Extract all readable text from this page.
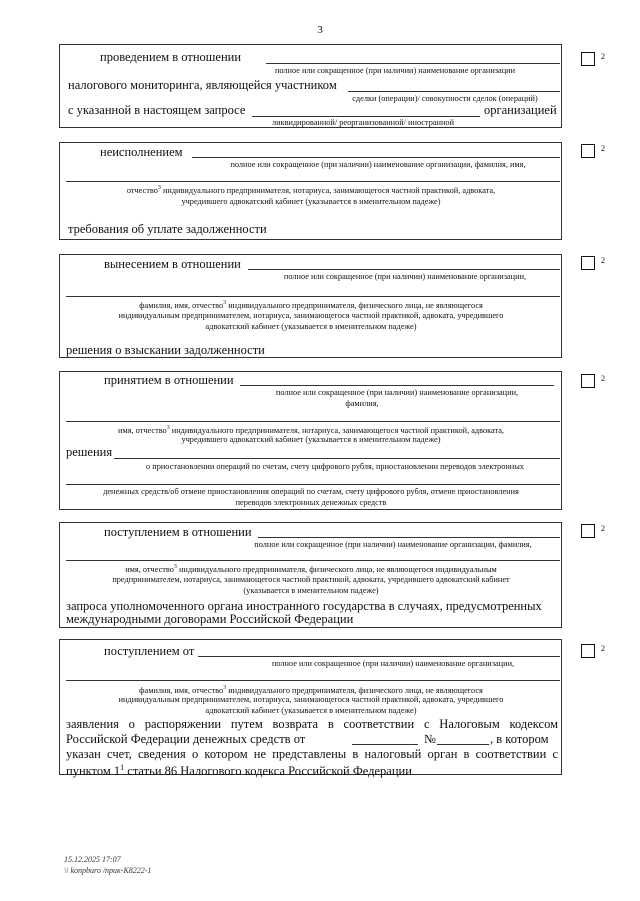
3
проведением в отношении
полное или сокращенное (при наличии) наименование организации
налогового мониторинга, являющейся участником
сделки (операции)/ совокупности сделок (операций)
с указанной в настоящем запросе	организацией
ликвидированной/ реорганизованной/ иностранной
2
неисполнением
полное или сокращенное (при наличии) наименование организации, фамилия, имя,
отчество$^3$ индивидуального предпринимателя, нотариуса, занимающегося частной практикой, адвоката,
учредившего адвокатский кабинет (указывается в именительном падеже)
требования об уплате задолженности
2
вынесением в отношении
полное или сокращенное (при наличии) наименование организации,
фамилия, имя, отчество$^3$ индивидуального предпринимателя, физического лица, не являющегося
индивидуальным предпринимателем, нотариуса, занимающегося частной практикой, адвоката, учредившего
адвокатский кабинет (указывается в именительном падеже)
решения о взыскании задолженности
2
принятием в отношении
полное или сокращенное (при наличии) наименование организации,
фамилия,
имя, отчество$^3$ индивидуального предпринимателя, нотариуса, занимающегося частной практикой, адвоката,
учредившего адвокатский кабинет (указывается в именительном падеже)
решения
о приостановлении операций по счетам, счету цифрового рубля, приостановлении переводов электронных
денежных средств/об отмене приостановления операций по счетам, счету цифрового рубля, отмене приостановления
переводов электронных денежных средств
2
поступлением в отношении
полное или сокращенное (при наличии) наименование организации, фамилия,
имя, отчество$^3$ индивидуального предпринимателя, физического лица, не являющегося индивидуальным
предпринимателем, нотариуса, занимающегося частной практикой, адвоката, учредившего адвокатский кабинет
(указывается в именительном падеже)
запроса уполномоченного органа иностранного государства в случаях, предусмотренных
международными договорами Российской Федерации
2
поступлением от
полное или сокращенное (при наличии) наименование организации,
фамилия, имя, отчество$^3$ индивидуального предпринимателя, физического лица, не являющегося
индивидуальным предпринимателем, нотариуса, занимающегося частной практикой, адвоката, учредившего
адвокатский кабинет (указывается в именительном падеже)
заявления о распоряжении путем возврата в соответствии с Налоговым кодексом
Российской Федерации денежных средств от	№	, в котором
указан счет, сведения о котором не представлены в налоговый орган в соответствии с
пунктом $1^1$ статьи 86 Налогового кодекса Российской Федерации
2
15.12.2025 17:07
\\ konpburo /npuк-К8222-1
